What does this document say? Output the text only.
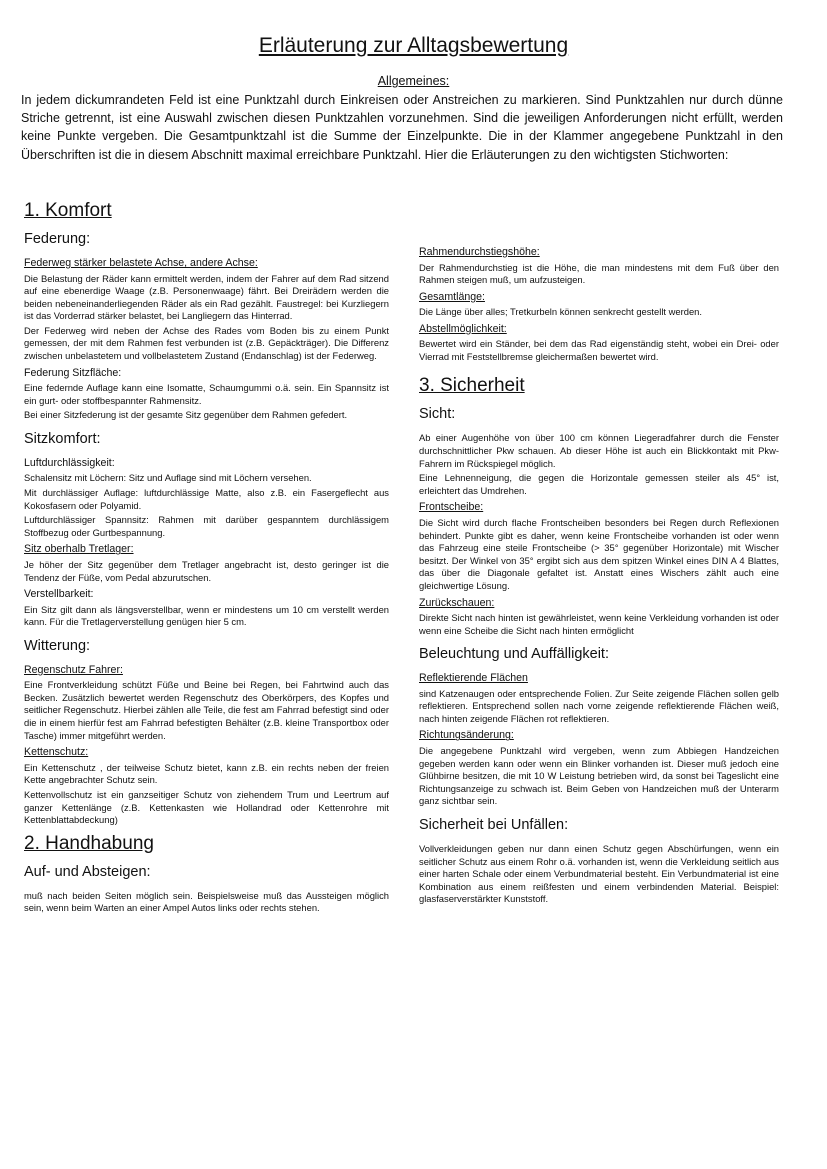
Erläuterung zur Alltagsbewertung
Allgemeines:

In jedem dickumrandeten Feld ist eine Punktzahl durch Einkreisen oder Anstreichen zu markieren. Sind Punktzahlen nur durch dünne Striche getrennt, ist eine Auswahl zwischen diesen Punktzahlen vorzunehmen. Sind die jeweiligen Anforderungen nicht erfüllt, werden keine Punkte vergeben. Die Gesamtpunktzahl ist die Summe der Einzelpunkte. Die in der Klammer angegebene Punktzahl in den Überschriften ist die in diesem Abschnitt maximal erreichbare Punktzahl. Hier die Erläuterungen zu den wichtigsten Stichworten:

1. Komfort
Federung:
Federweg stärker belastete Achse, andere Achse:

Die Belastung der Räder kann ermittelt werden, indem der Fahrer auf dem Rad sitzend auf eine ebenerdige Waage (z.B. Personenwaage) fährt. Bei Dreirädern werden die beiden nebeneinanderliegenden Räder als ein Rad gezählt. Faustregel: bei Kurzliegern ist das Vorderrad stärker belastet, bei Langliegern das Hinterrad.

Der Federweg wird neben der Achse des Rades vom Boden bis zu einem Punkt gemessen, der mit dem Rahmen fest verbunden ist (z.B. Gepäckträger). Die Differenz zwischen unbelastetem und vollbelastetem Zustand (Endanschlag) ist der Federweg.

Federung Sitzfläche:

Eine federnde Auflage kann eine Isomatte, Schaumgummi o.ä. sein. Ein Spannsitz ist ein gurt- oder stoffbespannter Rahmensitz.

Bei einer Sitzfederung ist der gesamte Sitz gegenüber dem Rahmen gefedert.

Sitzkomfort:
Luftdurchlässigkeit:

Schalensitz mit Löchern: Sitz und Auflage sind mit Löchern versehen.

Mit durchlässiger Auflage: luftdurchlässige Matte, also z.B. ein Fasergeflecht aus Kokosfasern oder Polyamid.

Luftdurchlässiger Spannsitz: Rahmen mit darüber gespanntem durchlässigem Stoffbezug oder Gurtbespannung.

Sitz oberhalb Tretlager:

Je höher der Sitz gegenüber dem Tretlager angebracht ist, desto geringer ist die Tendenz der Füße, vom Pedal abzurutschen.

Verstellbarkeit:

Ein Sitz gilt dann als längsverstellbar, wenn er mindestens um 10 cm verstellt werden kann. Für die Tretlagerverstellung genügen hier 5 cm.

Witterung:
Regenschutz Fahrer:

Eine Frontverkleidung schützt Füße und Beine bei Regen, bei Fahrtwind auch das Becken. Zusätzlich bewertet werden Regenschutz des Oberkörpers, des Kopfes und seitlicher Regenschutz. Hierbei zählen alle Teile, die fest am Fahrrad befestigt sind oder die in einem hierfür fest am Fahrrad befestigten Behälter (z.B. kleine Transportbox oder Tasche) immer mitgeführt werden.

Kettenschutz:

Ein Kettenschutz , der teilweise Schutz bietet, kann z.B. ein rechts neben der freien Kette angebrachter Schutz sein.

Kettenvollschutz ist ein ganzseitiger Schutz von ziehendem Trum und Leertrum auf ganzer Kettenlänge (z.B. Kettenkasten wie Hollandrad oder Kettenrohre mit Kettenblattabdeckung)

2. Handhabung
Auf- und Absteigen:

muß nach beiden Seiten möglich sein. Beispielsweise muß das Aussteigen möglich sein, wenn beim Warten an einer Ampel Autos links oder rechts stehen.

Rahmendurchstiegshöhe:

Der Rahmendurchstieg ist die Höhe, die man mindestens mit dem Fuß über den Rahmen steigen muß, um aufzusteigen.

Gesamtlänge:

Die Länge über alles; Tretkurbeln können senkrecht gestellt werden.

Abstellmöglichkeit:

Bewertet wird ein Ständer, bei dem das Rad eigenständig steht, wobei ein Drei- oder Vierrad mit Feststellbremse gleichermaßen bewertet wird.

3. Sicherheit
Sicht:

Ab einer Augenhöhe von über 100 cm können Liegeradfahrer durch die Fenster durchschnittlicher Pkw schauen. Ab dieser Höhe ist auch ein Blickkontakt mit Pkw-Fahrern im Rückspiegel möglich.

Eine Lehnenneigung, die gegen die Horizontale gemessen steiler als 45° ist, erleichtert das Umdrehen.

Frontscheibe:

Die Sicht wird durch flache Frontscheiben besonders bei Regen durch Reflexionen behindert. Punkte gibt es daher, wenn keine Frontscheibe vorhanden ist oder wenn das Fahrzeug eine steile Frontscheibe (> 35° gegenüber Horizontale) mit Wischer besitzt. Der Winkel von 35° ergibt sich aus dem spitzen Winkel eines DIN A 4 Blattes, das über die Diagonale gefaltet ist. Anstatt eines Wischers zählt auch eine gleichwertige Lösung.

Zurückschauen:

Direkte Sicht nach hinten ist gewährleistet, wenn keine Verkleidung vorhanden ist oder wenn eine Scheibe die Sicht nach hinten ermöglicht

Beleuchtung und Auffälligkeit:
Reflektierende Flächen

sind Katzenaugen oder entsprechende Folien. Zur Seite zeigende Flächen sollen gelb reflektieren. Entsprechend sollen nach vorne zeigende reflektierende Flächen weiß, nach hinten zeigende Flächen rot reflektieren.

Richtungsänderung:

Die angegebene Punktzahl wird vergeben, wenn zum Abbiegen Handzeichen gegeben werden kann oder wenn ein Blinker vorhanden ist. Dieser muß jedoch eine Glühbirne besitzen, die mit 10 W Leistung betrieben wird, da sonst bei Tageslicht eine Richtungsanzeige zu schwach ist. Beim Geben von Handzeichen muß der Unterarm ganz sichtbar sein.

Sicherheit bei Unfällen:

Vollverkleidungen geben nur dann einen Schutz gegen Abschürfungen, wenn ein seitlicher Schutz aus einem Rohr o.ä. vorhanden ist, wenn die Verkleidung seitlich aus einer harten Schale oder einem Verbundmaterial besteht. Ein Verbundmaterial ist eine Kombination aus einem reißfesten und einem verbindenden Material. Beispiel: glasfaserverstärkter Kunststoff.
